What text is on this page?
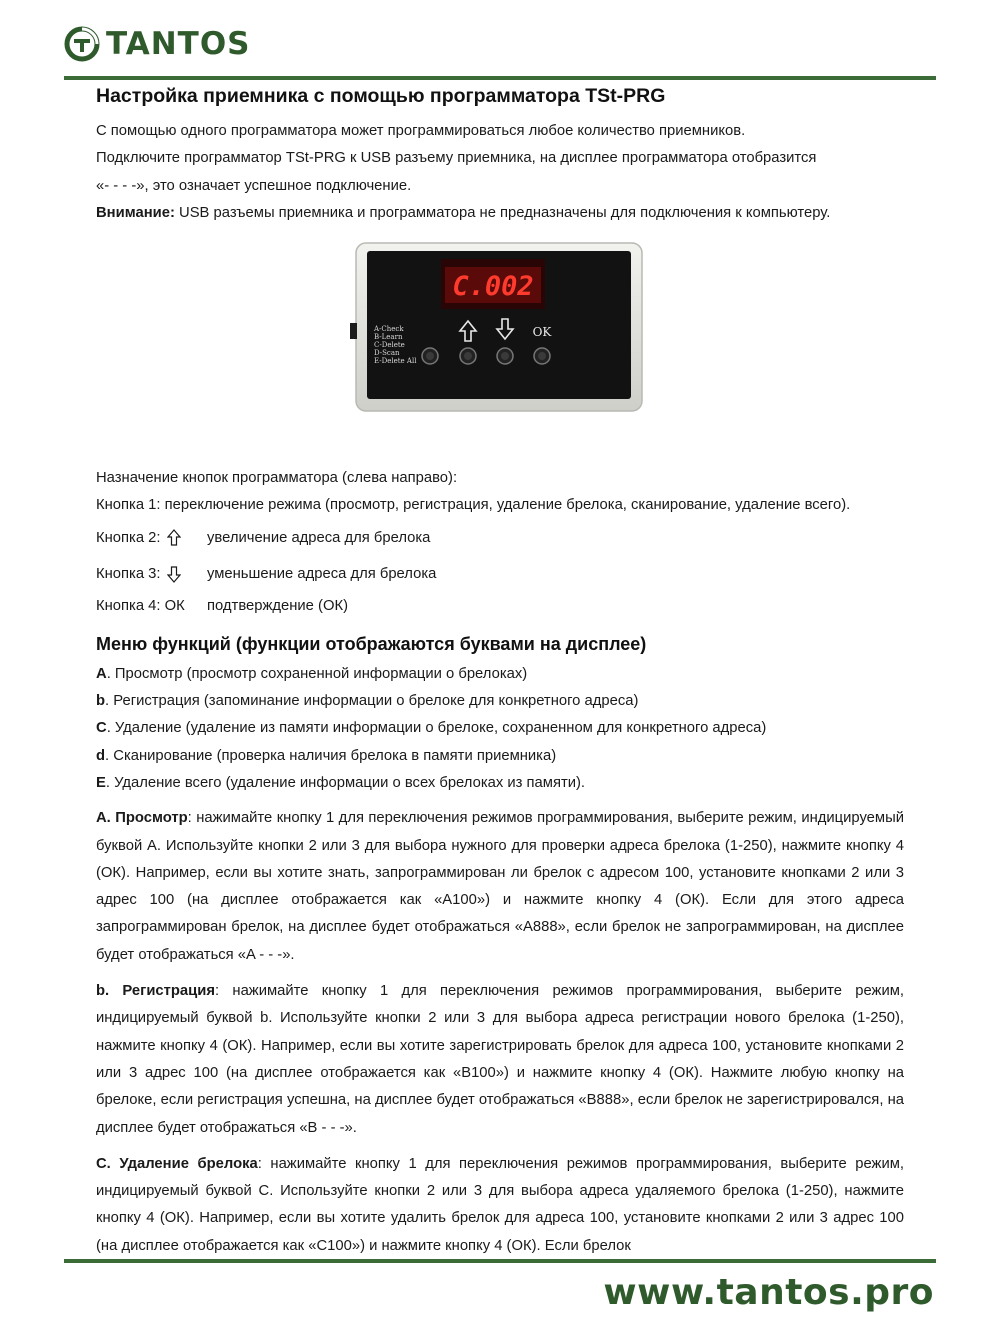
TANTOS
Настройка приемника с помощью программатора TSt-PRG
С помощью одного программатора может программироваться любое количество приемников.
Подключите программатор TSt-PRG к USB разъему приемника, на дисплее программатора отобразится
«- - - -», это означает успешное подключение.
Внимание: USB разъемы приемника и программатора не предназначены для подключения к компьютеру.
C.002
A-Check
B-Learn
C-Delete
D-Scan
E-Delete All
OK
Назначение кнопок программатора (слева направо):
Кнопка 1: переключение режима (просмотр, регистрация, удаление брелока, сканирование, удаление всего).
Кнопка 2:	увеличение адреса для брелока
Кнопка 3:	уменьшение адреса для брелока
Кнопка 4: ОК	подтверждение (ОК)
Меню функций (функции отображаются буквами на дисплее)
A. Просмотр (просмотр сохраненной информации о брелоках)
b. Регистрация (запоминание информации о брелоке для конкретного адреса)
C. Удаление (удаление из памяти информации о брелоке, сохраненном для конкретного адреса)
d. Сканирование (проверка наличия брелока в памяти приемника)
E. Удаление всего (удаление информации о всех брелоках из памяти).

A. Просмотр: нажимайте кнопку 1 для переключения режимов программирования, выберите режим, индицируемый буквой А. Используйте кнопки 2 или 3 для выбора нужного для проверки адреса брелока (1-250), нажмите кнопку 4 (ОК). Например, если вы хотите знать, запрограммирован ли брелок с адресом 100, установите кнопками 2 или 3 адрес 100 (на дисплее отображается как «A100») и нажмите кнопку 4 (ОК). Если для этого адреса запрограммирован брелок, на дисплее будет отображаться «A888», если брелок не запрограммирован, на дисплее будет отображаться «A - - -».

b. Регистрация: нажимайте кнопку 1 для переключения режимов программирования, выберите режим, индицируемый буквой b. Используйте кнопки 2 или 3 для выбора адреса регистрации нового брелока (1-250), нажмите кнопку 4 (ОК). Например, если вы хотите зарегистрировать брелок для адреса 100, установите кнопками 2 или 3 адрес 100 (на дисплее отображается как «B100») и нажмите кнопку 4 (ОК). Нажмите любую кнопку на брелоке, если регистрация успешна, на дисплее будет отображаться «B888», если брелок не зарегистрировался, на дисплее будет отображаться «B - - -».

C. Удаление брелока: нажимайте кнопку 1 для переключения режимов программирования, выберите режим, индицируемый буквой С. Используйте кнопки 2 или 3 для выбора адреса удаляемого брелока (1-250), нажмите кнопку 4 (ОК). Например, если вы хотите удалить брелок для адреса 100, установите кнопками 2 или 3 адрес 100 (на дисплее отображается как «C100») и нажмите кнопку 4 (ОК). Если брелок

www.tantos.pro
